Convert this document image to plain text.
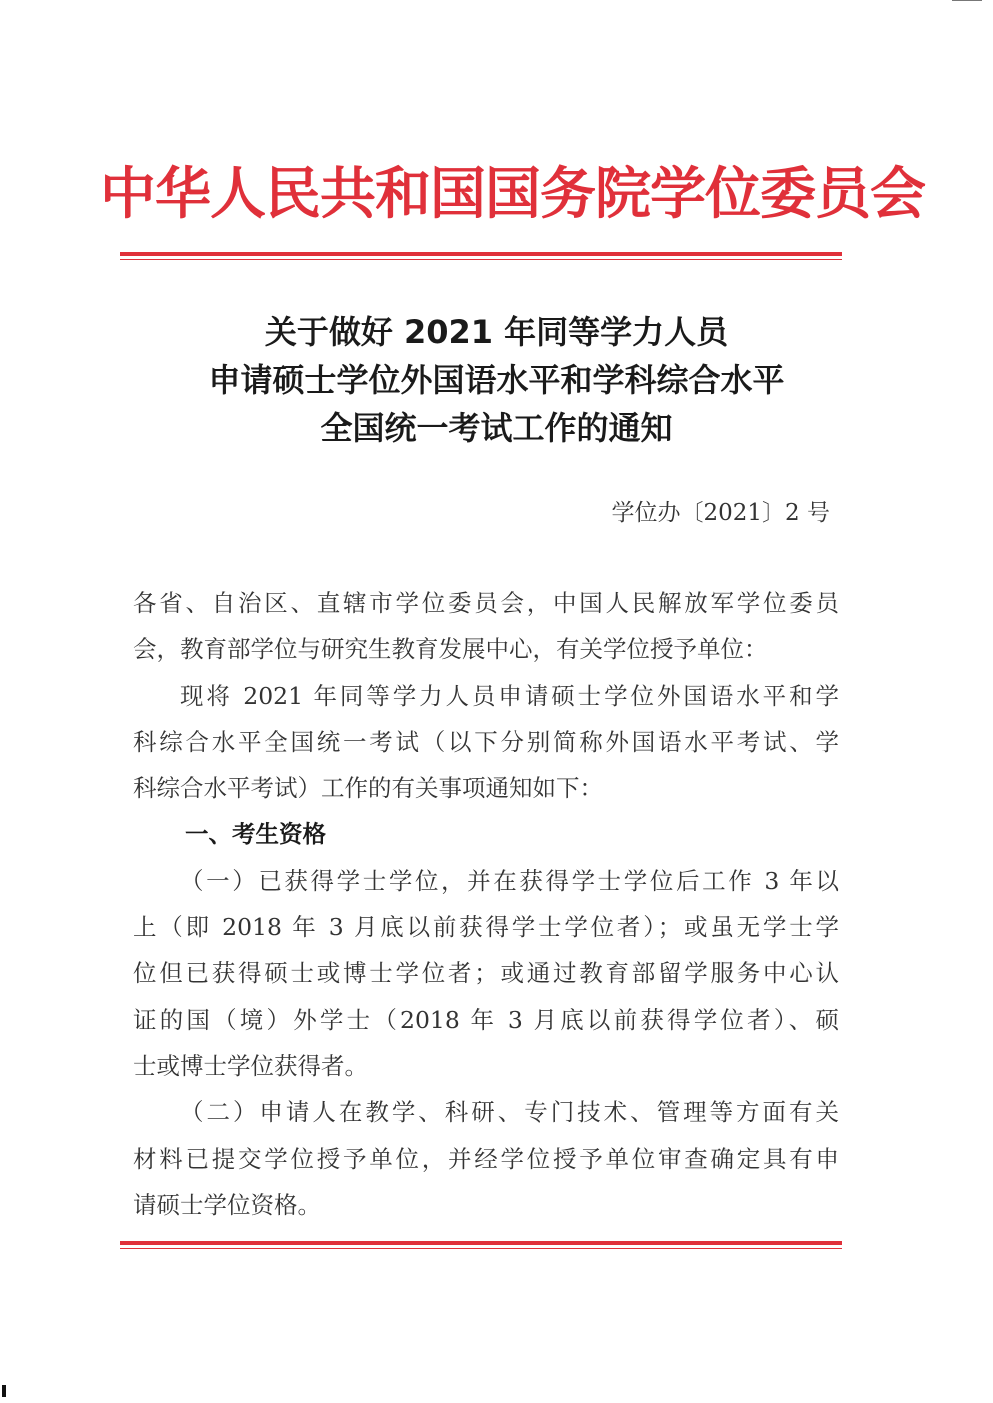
中华人民共和国国务院学位委员会
关于做好 2021 年同等学力人员
申请硕士学位外国语水平和学科综合水平
全国统一考试工作的通知
学位办〔2021〕2 号
各省、自治区、直辖市学位委员会，中国人民解放军学位委员
会，教育部学位与研究生教育发展中心，有关学位授予单位：
现将 2021 年同等学力人员申请硕士学位外国语水平和学
科综合水平全国统一考试（以下分别简称外国语水平考试、学
科综合水平考试）工作的有关事项通知如下：
一、考生资格
（一）已获得学士学位，并在获得学士学位后工作 3 年以
上（即 2018 年 3 月底以前获得学士学位者）；或虽无学士学
位但已获得硕士或博士学位者；或通过教育部留学服务中心认
证的国（境）外学士（2018 年 3 月底以前获得学位者）、硕
士或博士学位获得者。
（二）申请人在教学、科研、专门技术、管理等方面有关
材料已提交学位授予单位，并经学位授予单位审查确定具有申
请硕士学位资格。
